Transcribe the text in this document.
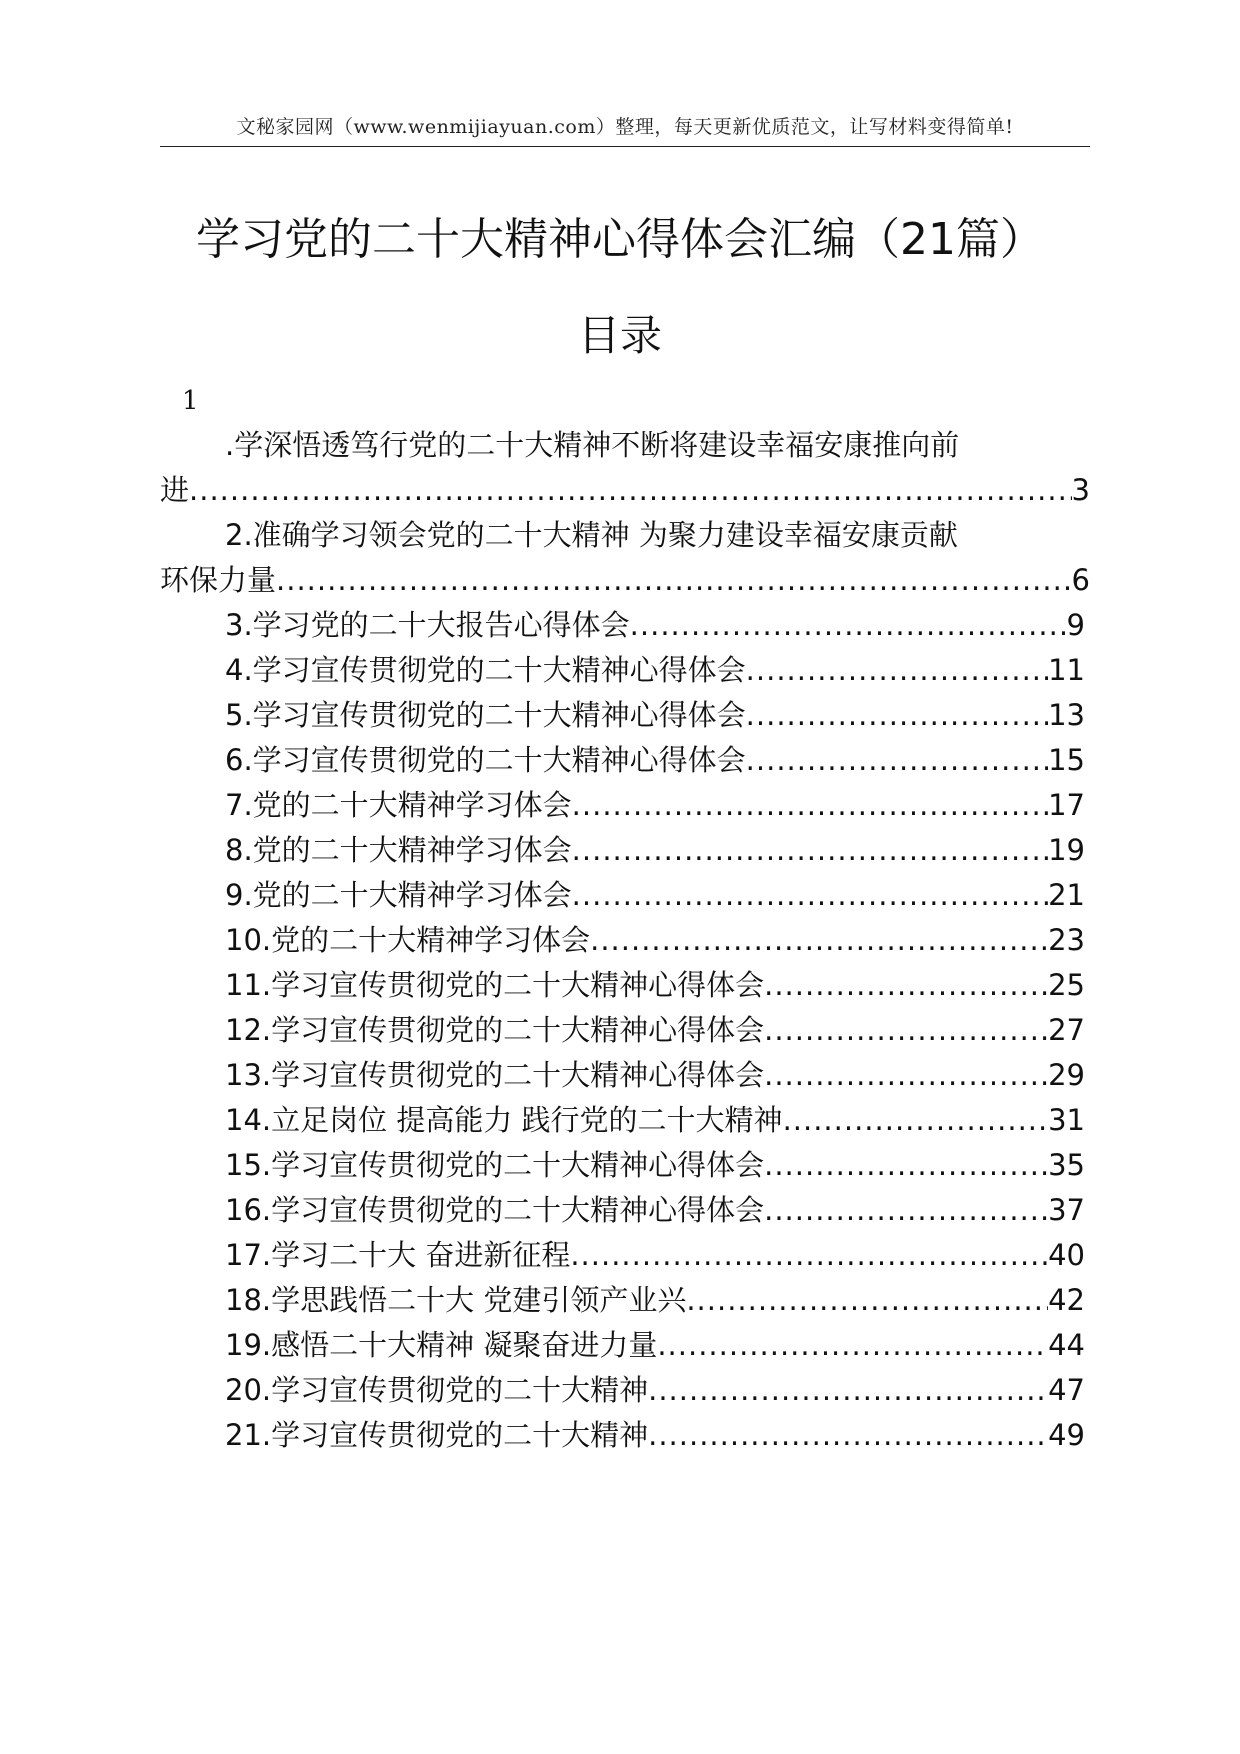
文秘家园网（www.wenmijiayuan.com）整理，每天更新优质范文，让写材料变得简单!
学习党的二十大精神心得体会汇编（21篇）
目录
1
.学深悟透笃行党的二十大精神不断将建设幸福安康推向前
进 .....	3
2.准确学习领会党的二十大精神 为聚力建设幸福安康贡献
环保力量 .....	6
3.学习党的二十大报告心得体会 .....	9
4.学习宣传贯彻党的二十大精神心得体会 .....	11
5.学习宣传贯彻党的二十大精神心得体会 .....	13
6.学习宣传贯彻党的二十大精神心得体会 .....	15
7.党的二十大精神学习体会 .....	17
8.党的二十大精神学习体会 .....	19
9.党的二十大精神学习体会 .....	21
10.党的二十大精神学习体会 .....	23
11.学习宣传贯彻党的二十大精神心得体会 .....	25
12.学习宣传贯彻党的二十大精神心得体会 .....	27
13.学习宣传贯彻党的二十大精神心得体会 .....	29
14.立足岗位 提高能力 践行党的二十大精神 .....	31
15.学习宣传贯彻党的二十大精神心得体会 .....	35
16.学习宣传贯彻党的二十大精神心得体会 .....	37
17.学习二十大 奋进新征程 .....	40
18.学思践悟二十大 党建引领产业兴 .....	42
19.感悟二十大精神 凝聚奋进力量 .....	44
20.学习宣传贯彻党的二十大精神 .....	47
21.学习宣传贯彻党的二十大精神 .....	49
